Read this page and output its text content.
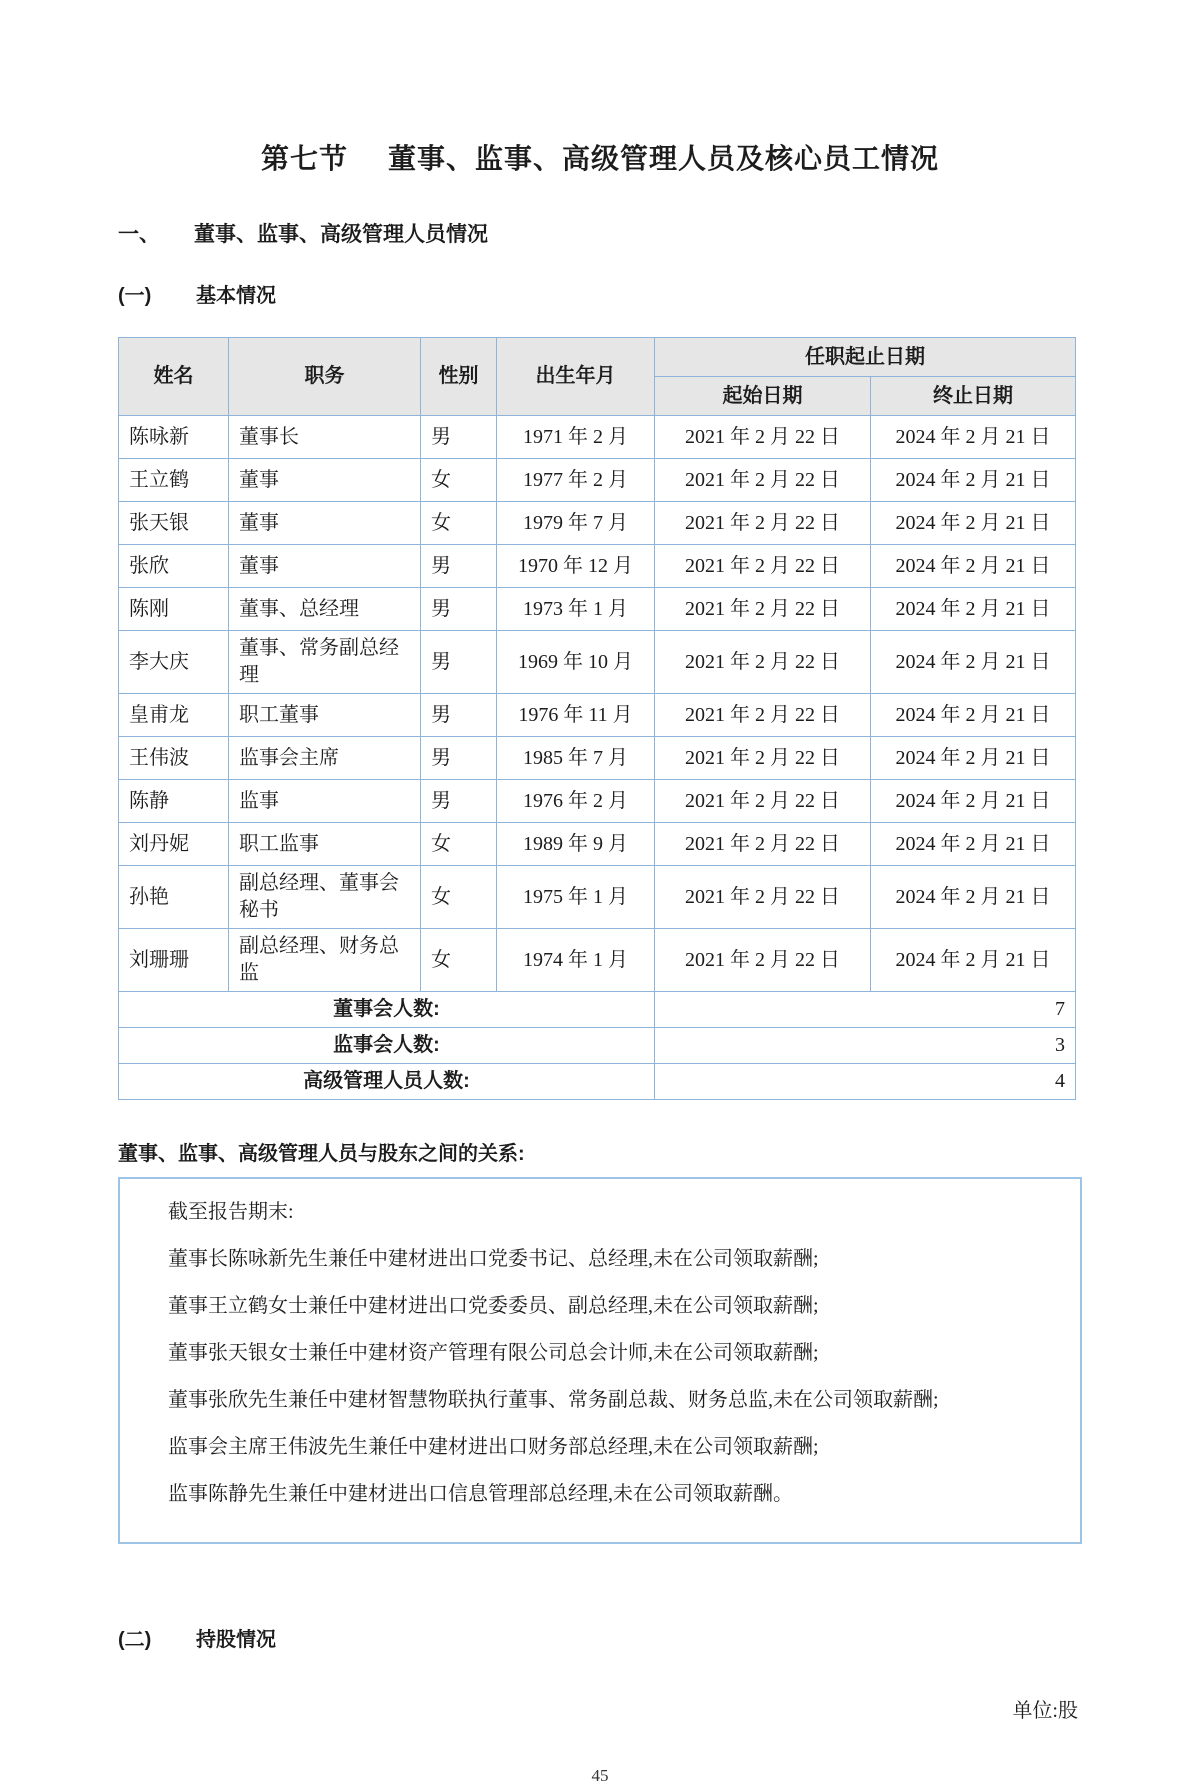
第七节 董事、监事、高级管理人员及核心员工情况
一、 董事、监事、高级管理人员情况
(一) 基本情况
姓名	职务	性别	出生年月	任职起止日期	
				起始日期	终止日期
陈咏新	董事长	男	1971 年 2 月	2021 年 2 月 22 日	2024 年 2 月 21 日
王立鹤	董事	女	1977 年 2 月	2021 年 2 月 22 日	2024 年 2 月 21 日
张天银	董事	女	1979 年 7 月	2021 年 2 月 22 日	2024 年 2 月 21 日
张欣	董事	男	1970 年 12 月	2021 年 2 月 22 日	2024 年 2 月 21 日
陈刚	董事、总经理	男	1973 年 1 月	2021 年 2 月 22 日	2024 年 2 月 21 日
李大庆	董事、常务副总经理	男	1969 年 10 月	2021 年 2 月 22 日	2024 年 2 月 21 日
皇甫龙	职工董事	男	1976 年 11 月	2021 年 2 月 22 日	2024 年 2 月 21 日
王伟波	监事会主席	男	1985 年 7 月	2021 年 2 月 22 日	2024 年 2 月 21 日
陈静	监事	男	1976 年 2 月	2021 年 2 月 22 日	2024 年 2 月 21 日
刘丹妮	职工监事	女	1989 年 9 月	2021 年 2 月 22 日	2024 年 2 月 21 日
孙艳	副总经理、董事会秘书	女	1975 年 1 月	2021 年 2 月 22 日	2024 年 2 月 21 日
刘珊珊	副总经理、财务总监	女	1974 年 1 月	2021 年 2 月 22 日	2024 年 2 月 21 日
董事会人数:				7	
监事会人数:				3	
高级管理人员人数:				4	
董事、监事、高级管理人员与股东之间的关系:
截至报告期末:
董事长陈咏新先生兼任中建材进出口党委书记、总经理,未在公司领取薪酬;
董事王立鹤女士兼任中建材进出口党委委员、副总经理,未在公司领取薪酬;
董事张天银女士兼任中建材资产管理有限公司总会计师,未在公司领取薪酬;
董事张欣先生兼任中建材智慧物联执行董事、常务副总裁、财务总监,未在公司领取薪酬;
监事会主席王伟波先生兼任中建材进出口财务部总经理,未在公司领取薪酬;
监事陈静先生兼任中建材进出口信息管理部总经理,未在公司领取薪酬。
(二) 持股情况
单位:股
45
